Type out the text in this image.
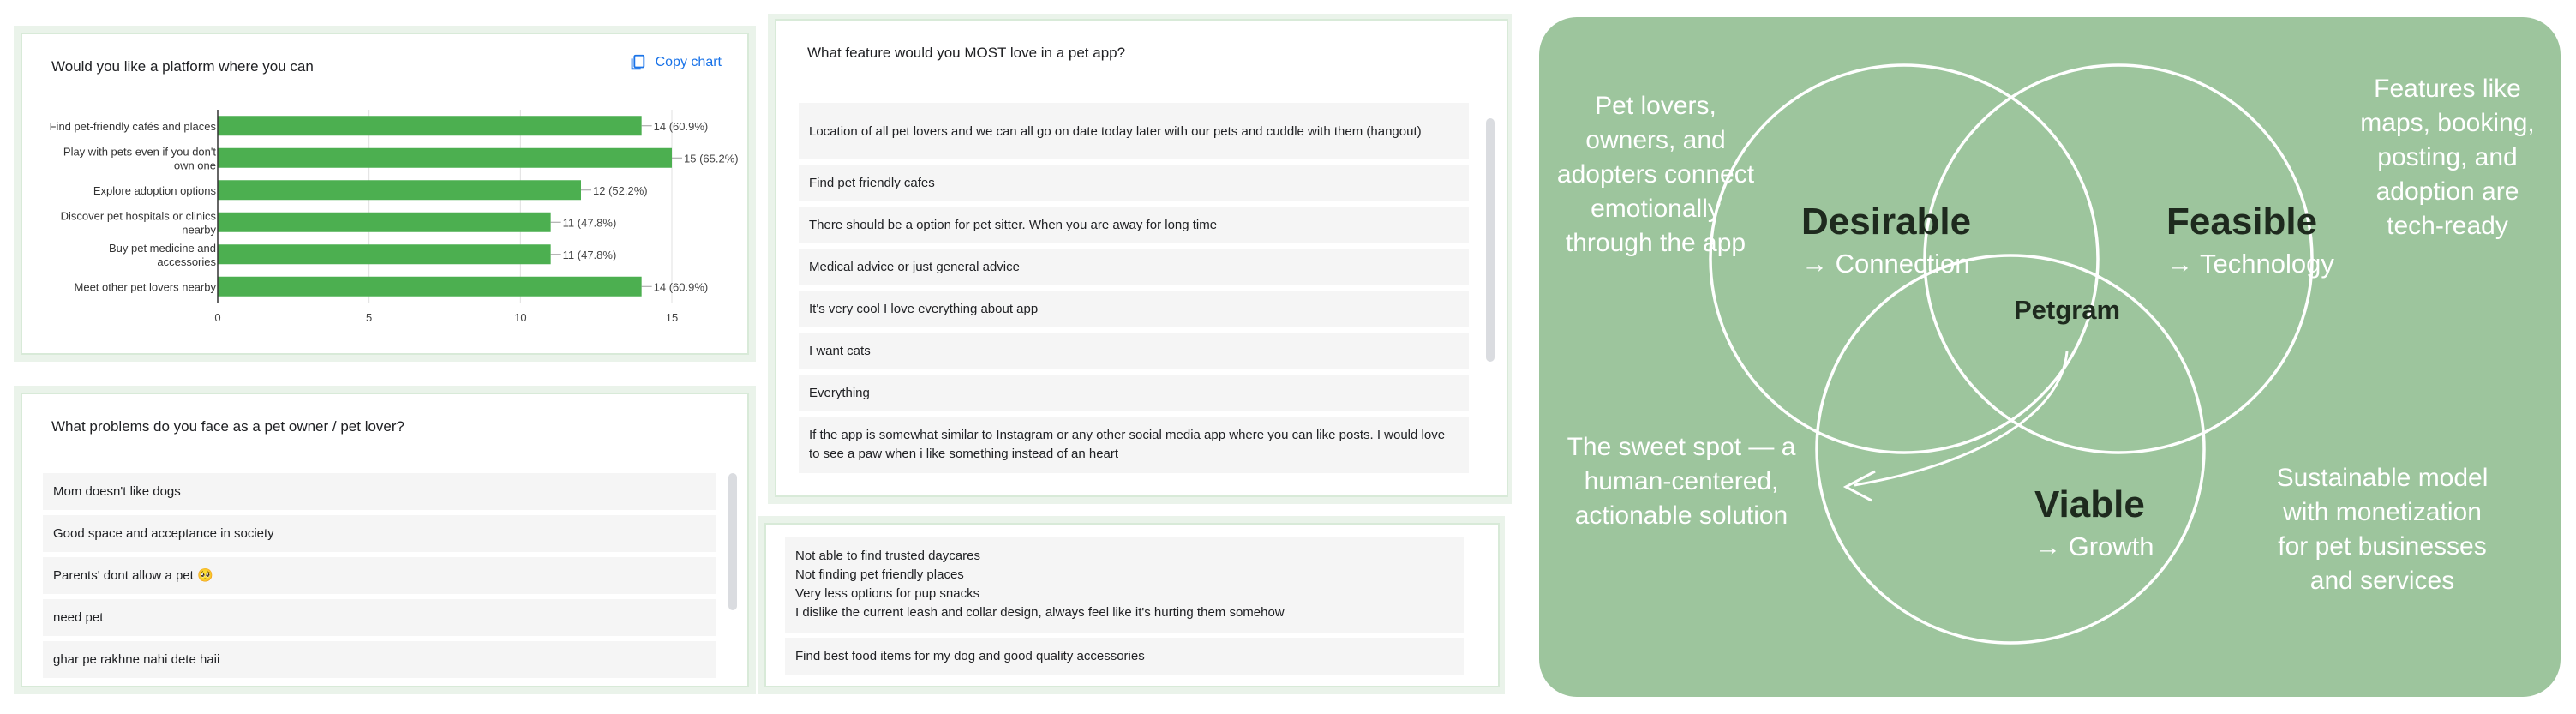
Would you like a platform where you can	Copy chart
0	5	10	15
14 (60.9%)
Find pet-friendly cafés and places
15 (65.2%)
Play with pets even if you don't own one
12 (52.2%)
Explore adoption options
11 (47.8%)
Discover pet hospitals or clinics nearby
11 (47.8%)
Buy pet medicine and accessories
14 (60.9%)
Meet other pet lovers nearby
What problems do you face as a pet owner / pet lover?
Mom doesn't like dogs
Good space and acceptance in society
Parents' dont allow a pet 🥺
need pet
ghar pe rakhne nahi dete haii
What feature would you MOST love in a pet app?
Location of all pet lovers and we can all go on date today later with our pets and cuddle with them (hangout)
Find pet friendly cafes
There should be a option for pet sitter. When you are away for long time
Medical advice or just general advice
It's very cool I love everything about app
I want cats
Everything
If the app is somewhat similar to Instagram or any other social media app where you can like posts. I would love to see a paw when i like something instead of an heart
Not able to find trusted daycares
Not finding pet friendly places
Very less options for pup snacks
I dislike the current leash and collar design, always feel like it's hurting them somehow
Find best food items for my dog and good quality accessories
Desirable
→ Connection
Feasible
→ Technology
Viable
→ Growth
Petgram
Pet lovers,
owners, and
adopters connect
emotionally
through the app
Features like
maps, booking,
posting, and
adoption are
tech-ready
The sweet spot — a
human-centered,
actionable solution
Sustainable model
with monetization
for pet businesses
and services
